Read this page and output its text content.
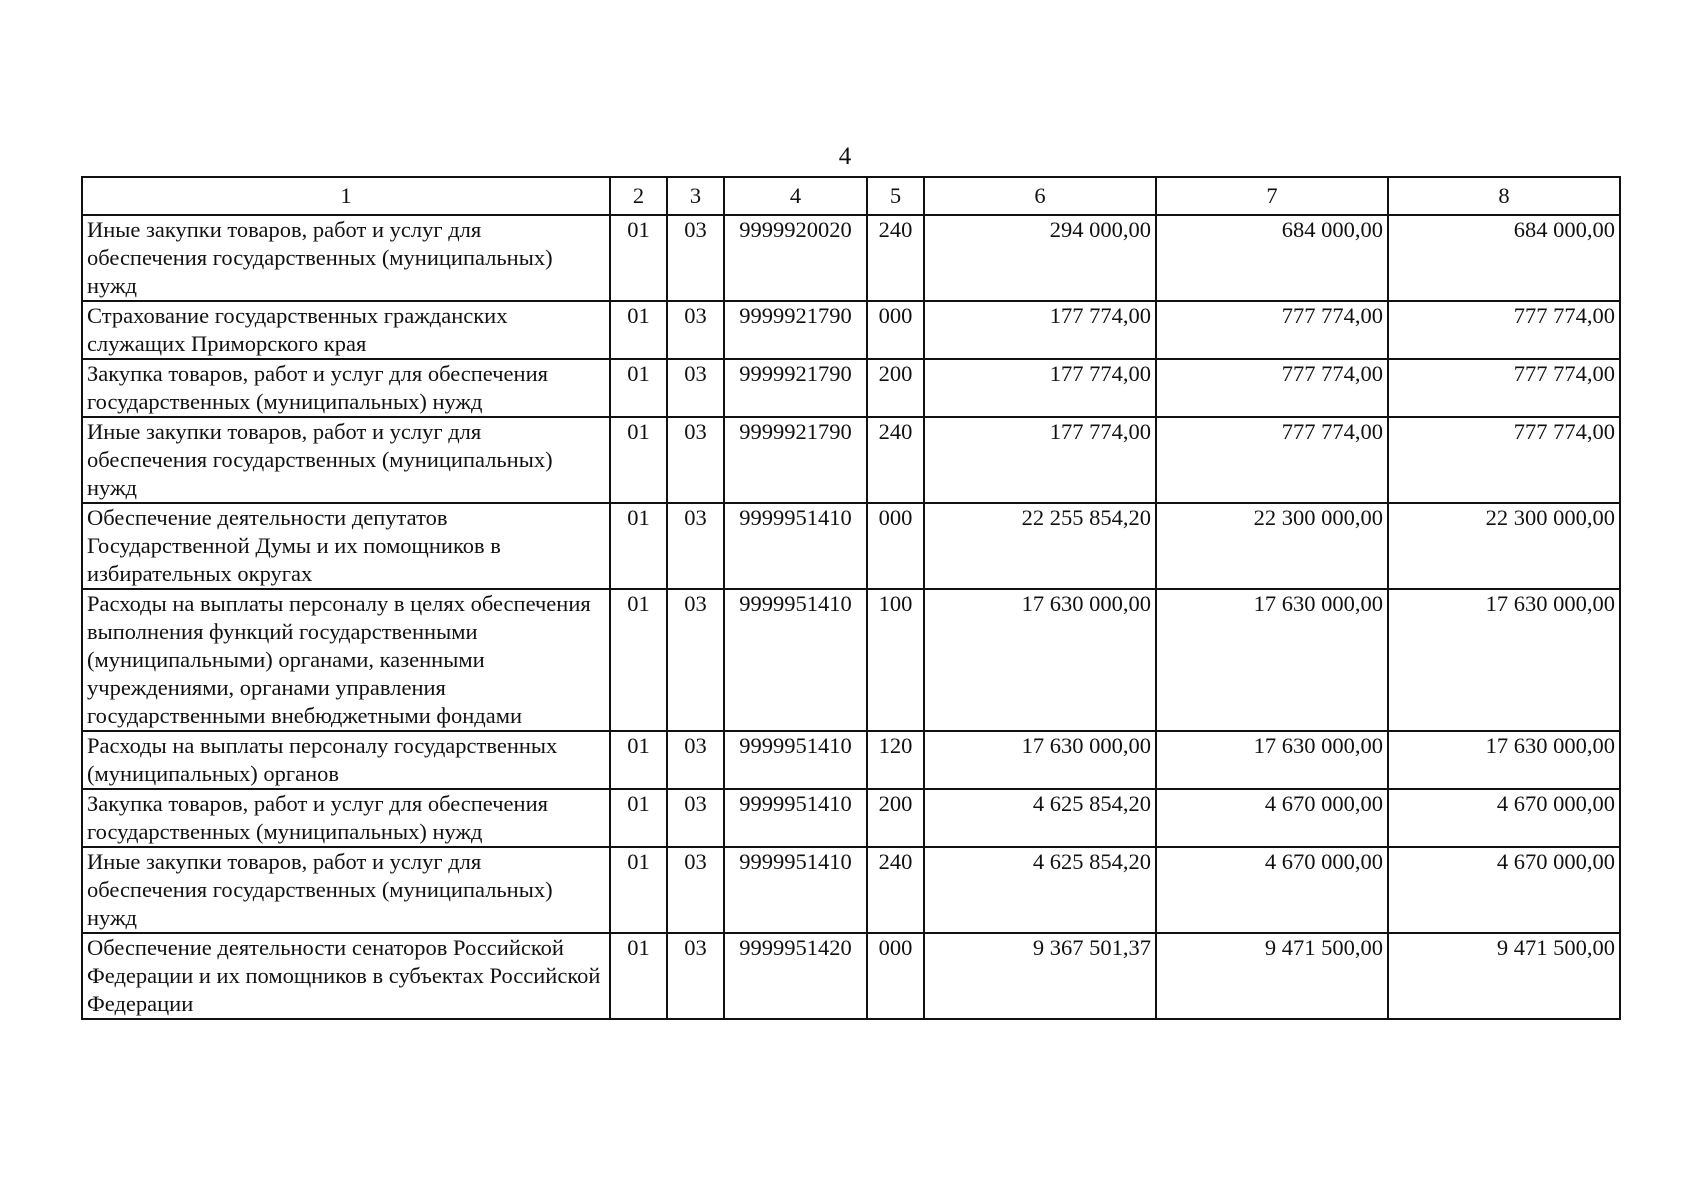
4
1	2	3	4	5	6	7	8
Иные закупки товаров, работ и услуг для обеспечения государственных (муниципальных) нужд	01	03	9999920020	240	294 000,00	684 000,00	684 000,00
Страхование государственных гражданских служащих Приморского края	01	03	9999921790	000	177 774,00	777 774,00	777 774,00
Закупка товаров, работ и услуг для обеспечения государственных (муниципальных) нужд	01	03	9999921790	200	177 774,00	777 774,00	777 774,00
Иные закупки товаров, работ и услуг для обеспечения государственных (муниципальных) нужд	01	03	9999921790	240	177 774,00	777 774,00	777 774,00
Обеспечение деятельности депутатов Государственной Думы и их помощников в избирательных округах	01	03	9999951410	000	22 255 854,20	22 300 000,00	22 300 000,00
Расходы на выплаты персоналу в целях обеспечения выполнения функций государственными (муниципальными) органами, казенными учреждениями, органами управления государственными внебюджетными фондами	01	03	9999951410	100	17 630 000,00	17 630 000,00	17 630 000,00
Расходы на выплаты персоналу государственных (муниципальных) органов	01	03	9999951410	120	17 630 000,00	17 630 000,00	17 630 000,00
Закупка товаров, работ и услуг для обеспечения государственных (муниципальных) нужд	01	03	9999951410	200	4 625 854,20	4 670 000,00	4 670 000,00
Иные закупки товаров, работ и услуг для обеспечения государственных (муниципальных) нужд	01	03	9999951410	240	4 625 854,20	4 670 000,00	4 670 000,00
Обеспечение деятельности сенаторов Российской Федерации и их помощников в субъектах Российской Федерации	01	03	9999951420	000	9 367 501,37	9 471 500,00	9 471 500,00
